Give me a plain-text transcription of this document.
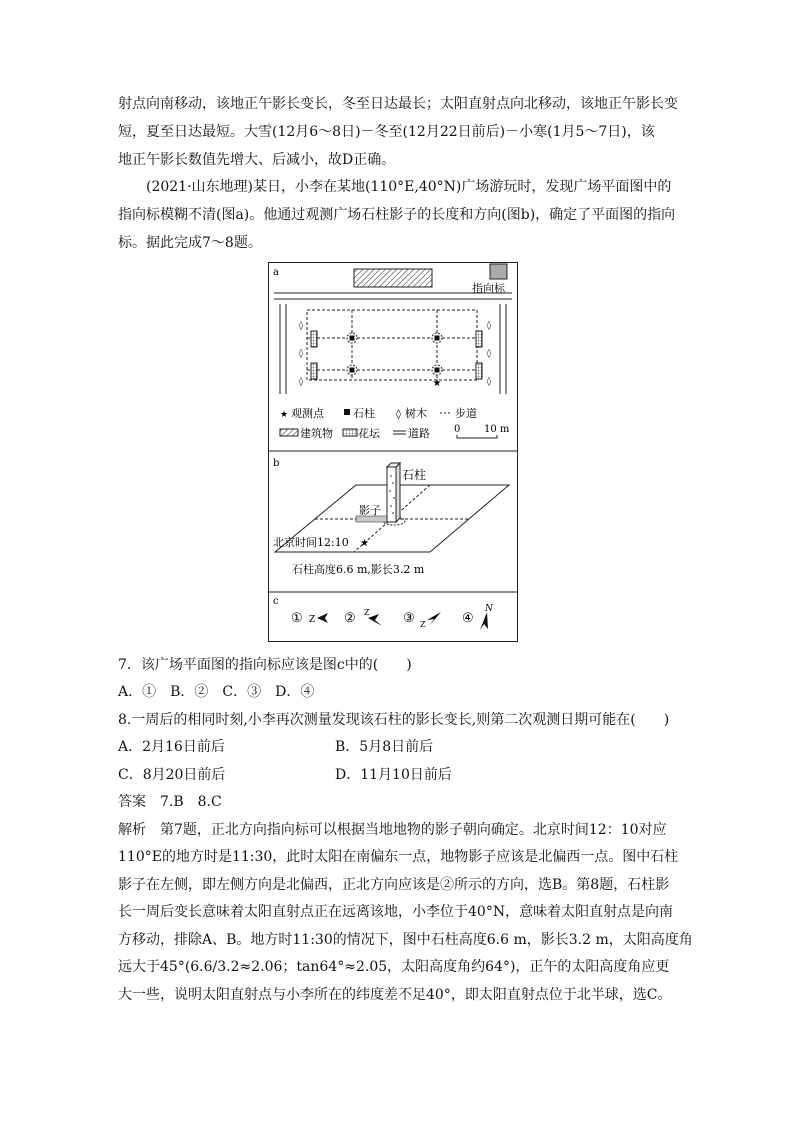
射点向南移动，该地正午影长变长，冬至日达最长；太阳直射点向北移动，该地正午影长变
短，夏至日达最短。大雪(12月6～8日)－冬至(12月22日前后)－小寒(1月5～7日)，该
地正午影长数值先增大、后减小，故D正确。
(2021·山东地理)某日，小李在某地(110°E,40°N)广场游玩时，发现广场平面图中的
指向标模糊不清(图a)。他通过观测广场石柱影子的长度和方向(图b)，确定了平面图的指向
标。据此完成7～8题。
a
指向标
★
◊
◊
◊
◊
◊
◊
★ 观测点	石柱 ◊ 树木	步道
建筑物 花坛	道路 0 10 m
b
石柱
影子
北京时间12:10 ★
石柱高度6.6 m,影长3.2 m
c
① Z ② Z	③ Z	④
N
7．该广场平面图的指向标应该是图c中的(　　)
A．①　B．②　C．③　D．④
8.一周后的相同时刻,小李再次测量发现该石柱的影长变长,则第二次观测日期可能在(　　)
A．2月16日前后	B．5月8日前后
C．8月20日前后	D．11月10日前后
答案　7.B　8.C
解析　第7题，正北方向指向标可以根据当地地物的影子朝向确定。北京时间12：10对应
110°E的地方时是11:30，此时太阳在南偏东一点，地物影子应该是北偏西一点。图中石柱
影子在左侧，即左侧方向是北偏西，正北方向应该是②所示的方向，选B。第8题，石柱影
长一周后变长意味着太阳直射点正在远离该地，小李位于40°N，意味着太阳直射点是向南
方移动，排除A、B。地方时11:30的情况下，图中石柱高度6.6 m，影长3.2 m，太阳高度角
远大于45°(6.6/3.2≈2.06；tan64°≈2.05，太阳高度角约64°)，正午的太阳高度角应更
大一些，说明太阳直射点与小李所在的纬度差不足40°，即太阳直射点位于北半球，选C。
